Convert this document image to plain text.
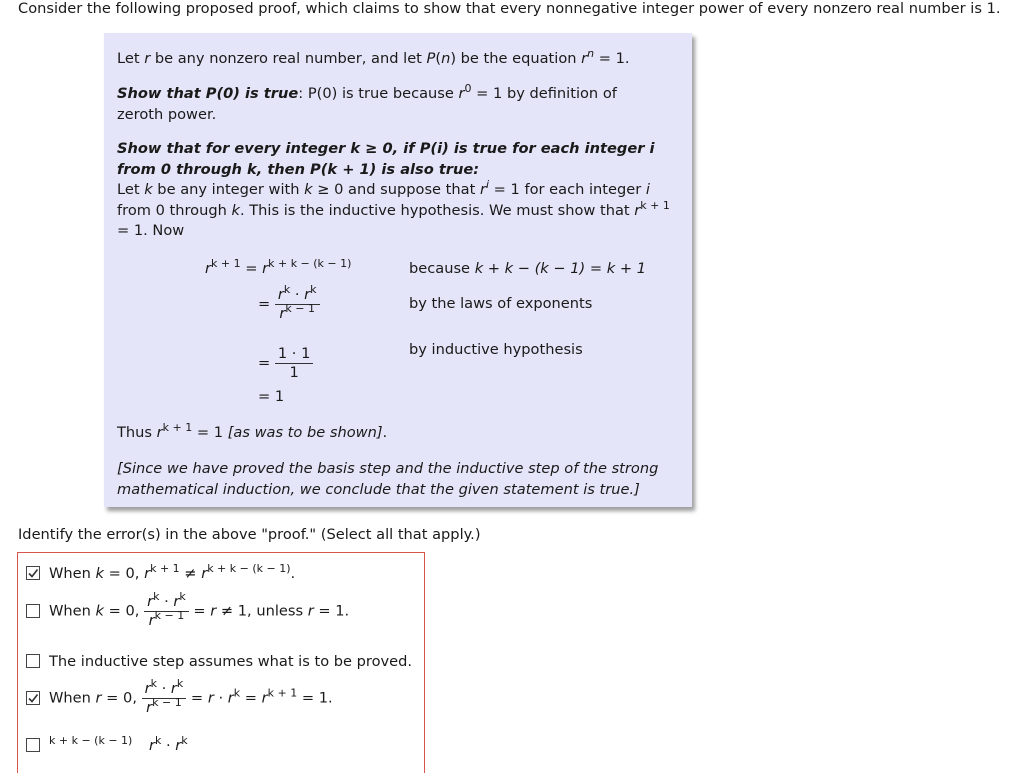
Consider the following proposed proof, which claims to show that every nonnegative integer power of every nonzero real number is 1.

Let r be any nonzero real number, and let P(n) be the equation $r^n = 1$.

Show that P(0) is true: P(0) is true because $r^0 = 1$ by definition of zeroth power.

Show that for every integer k ≥ 0, if P(i) is true for each integer i from 0 through k, then P(k + 1) is also true:
Let k be any integer with k ≥ 0 and suppose that $r^i = 1$ for each integer i from 0 through k. This is the inductive hypothesis. We must show that $r^{k + 1} = 1$. Now
$r^{k + 1} = r^{k + k - (k - 1)}$
= $\frac{r^k \cdot r^k}{r^{k - 1}}$
= $\frac{1 \cdot 1}{1}$
= 1
because k + k − (k − 1) = k + 1
by the laws of exponents
by inductive hypothesis

Thus $r^{k + 1} = 1$ [as was to be shown].

[Since we have proved the basis step and the inductive step of the strong mathematical induction, we conclude that the given statement is true.]

Identify the error(s) in the above "proof." (Select all that apply.)
When k = 0, $r^{k + 1} \ne r^{k + k - (k - 1)}$.
When k = 0, $\frac{r^k \cdot r^k}{r^{k - 1}} = r \ne 1$, unless r = 1.
The inductive step assumes what is to be proved.
When r = 0, $\frac{r^k \cdot r^k}{r^{k - 1}} = r \cdot r^k = r^{k + 1} = 1$.
$^{k + k - (k - 1)}$ $r^k \cdot r^k$
